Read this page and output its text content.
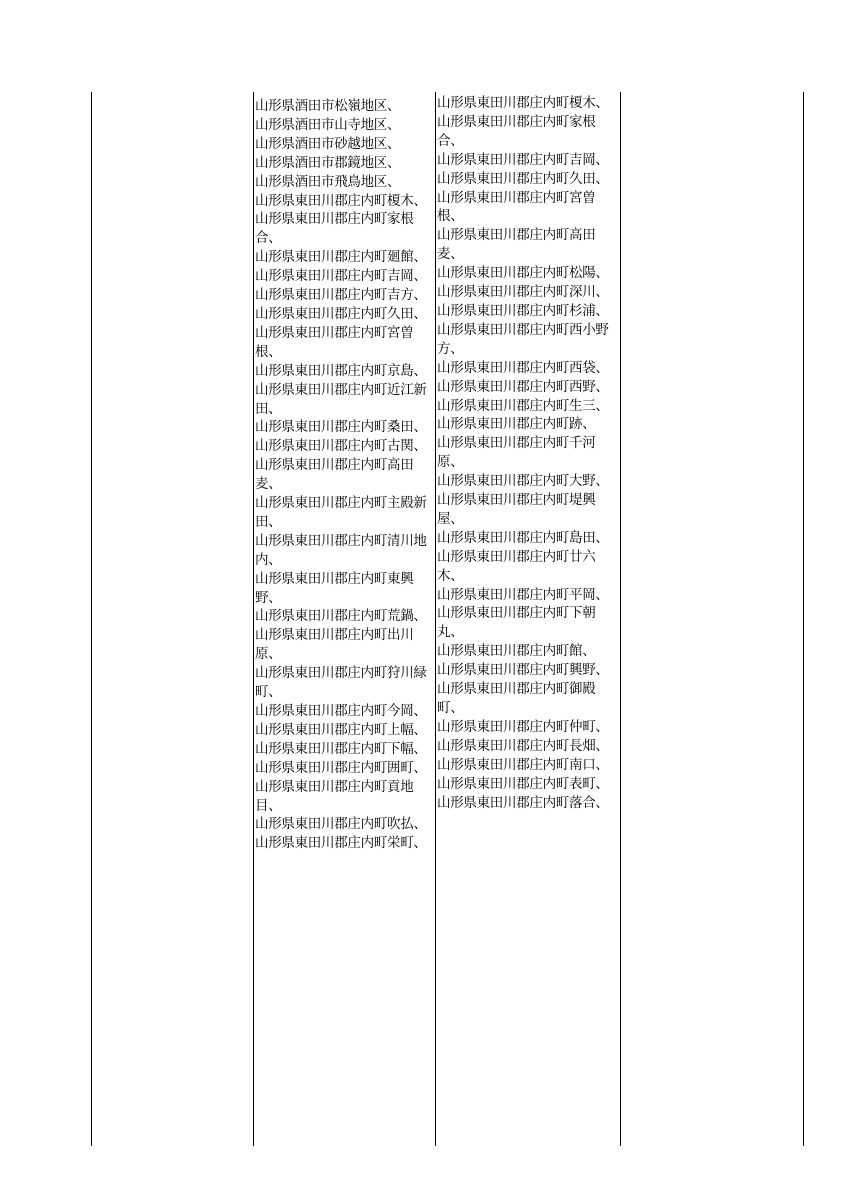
山形県酒田市松嶺地区、
山形県酒田市山寺地区、
山形県酒田市砂越地区、
山形県酒田市郡鏡地区、
山形県酒田市飛鳥地区、
山形県東田川郡庄内町榎木、
山形県東田川郡庄内町家根合、
山形県東田川郡庄内町廻館、
山形県東田川郡庄内町吉岡、
山形県東田川郡庄内町吉方、
山形県東田川郡庄内町久田、
山形県東田川郡庄内町宮曽根、
山形県東田川郡庄内町京島、
山形県東田川郡庄内町近江新田、
山形県東田川郡庄内町桑田、
山形県東田川郡庄内町古関、
山形県東田川郡庄内町高田麦、
山形県東田川郡庄内町主殿新田、
山形県東田川郡庄内町清川地内、
山形県東田川郡庄内町東興野、
山形県東田川郡庄内町荒鍋、
山形県東田川郡庄内町出川原、
山形県東田川郡庄内町狩川緑町、
山形県東田川郡庄内町今岡、
山形県東田川郡庄内町上幅、
山形県東田川郡庄内町下幅、
山形県東田川郡庄内町囲町、
山形県東田川郡庄内町貢地目、
山形県東田川郡庄内町吹払、
山形県東田川郡庄内町栄町、
山形県東田川郡庄内町榎木、
山形県東田川郡庄内町家根合、
山形県東田川郡庄内町吉岡、
山形県東田川郡庄内町久田、
山形県東田川郡庄内町宮曽根、
山形県東田川郡庄内町高田麦、
山形県東田川郡庄内町松陽、
山形県東田川郡庄内町深川、
山形県東田川郡庄内町杉浦、
山形県東田川郡庄内町西小野方、
山形県東田川郡庄内町西袋、
山形県東田川郡庄内町西野、
山形県東田川郡庄内町生三、
山形県東田川郡庄内町跡、
山形県東田川郡庄内町千河原、
山形県東田川郡庄内町大野、
山形県東田川郡庄内町堤興屋、
山形県東田川郡庄内町島田、
山形県東田川郡庄内町廿六木、
山形県東田川郡庄内町平岡、
山形県東田川郡庄内町下朝丸、
山形県東田川郡庄内町館、
山形県東田川郡庄内町興野、
山形県東田川郡庄内町御殿町、
山形県東田川郡庄内町仲町、
山形県東田川郡庄内町長畑、
山形県東田川郡庄内町南口、
山形県東田川郡庄内町表町、
山形県東田川郡庄内町落合、
